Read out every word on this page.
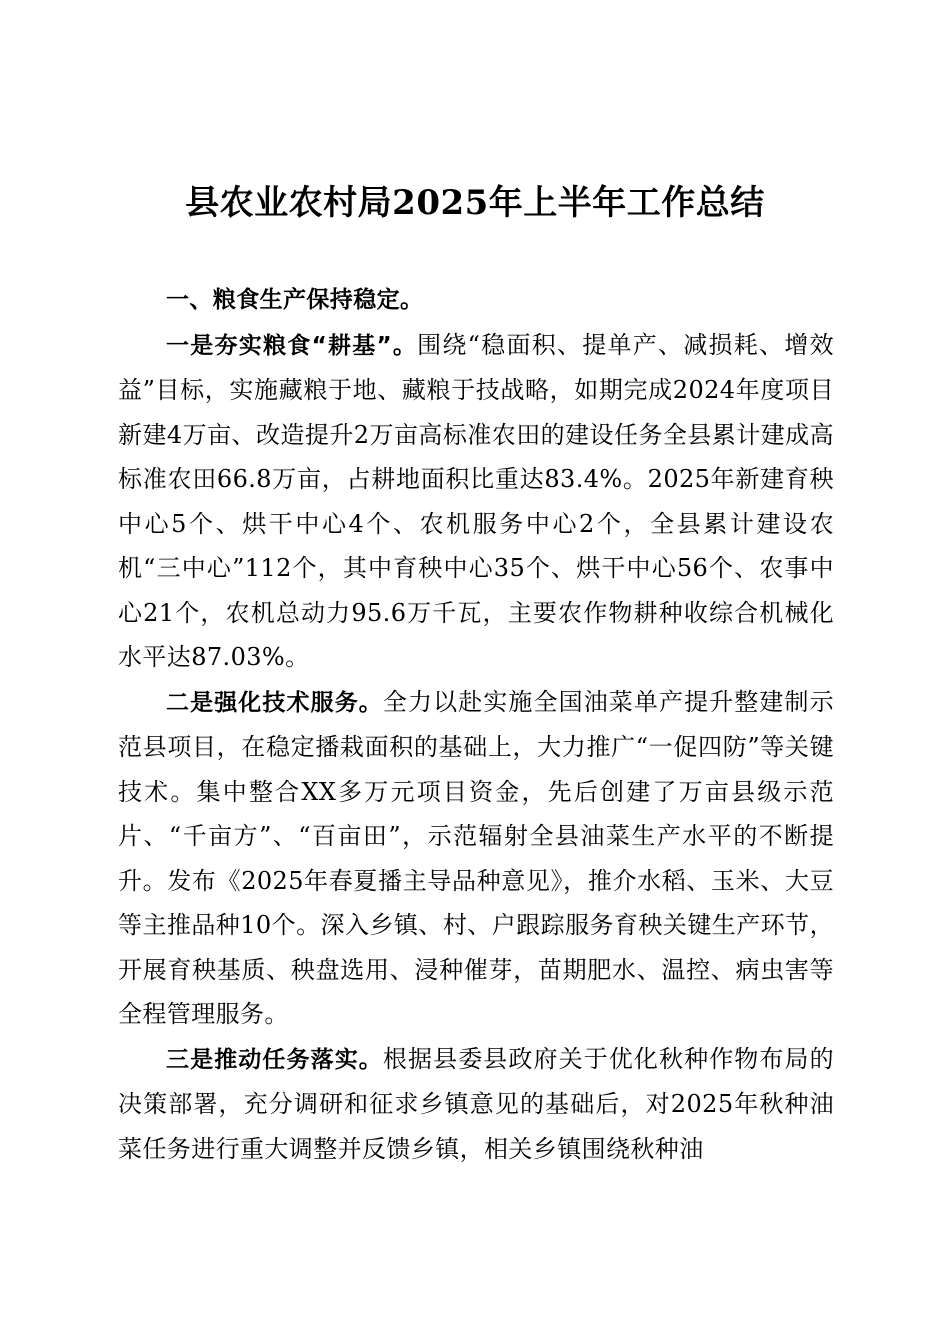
县农业农村局2025年上半年工作总结

一、粮食生产保持稳定。

一是夯实粮食“耕基”。围绕“稳面积、提单产、减损耗、增效益”目标，实施藏粮于地、藏粮于技战略，如期完成2024年度项目新建4万亩、改造提升2万亩高标准农田的建设任务全县累计建成高标准农田66.8万亩，占耕地面积比重达83.4%。2025年新建育秧中心5个、烘干中心4个、农机服务中心2个，全县累计建设农机“三中心”112个，其中育秧中心35个、烘干中心56个、农事中心21个，农机总动力95.6万千瓦，主要农作物耕种收综合机械化水平达87.03%。

二是强化技术服务。全力以赴实施全国油菜单产提升整建制示范县项目，在稳定播栽面积的基础上，大力推广“一促四防”等关键技术。集中整合XX多万元项目资金，先后创建了万亩县级示范片、“千亩方”、“百亩田”，示范辐射全县油菜生产水平的不断提升。发布《2025年春夏播主导品种意见》，推介水稻、玉米、大豆等主推品种10个。深入乡镇、村、户跟踪服务育秧关键生产环节，开展育秧基质、秧盘选用、浸种催芽，苗期肥水、温控、病虫害等全程管理服务。

三是推动任务落实。根据县委县政府关于优化秋种作物布局的决策部署，充分调研和征求乡镇意见的基础后，对2025年秋种油菜任务进行重大调整并反馈乡镇，相关乡镇围绕秋种油
